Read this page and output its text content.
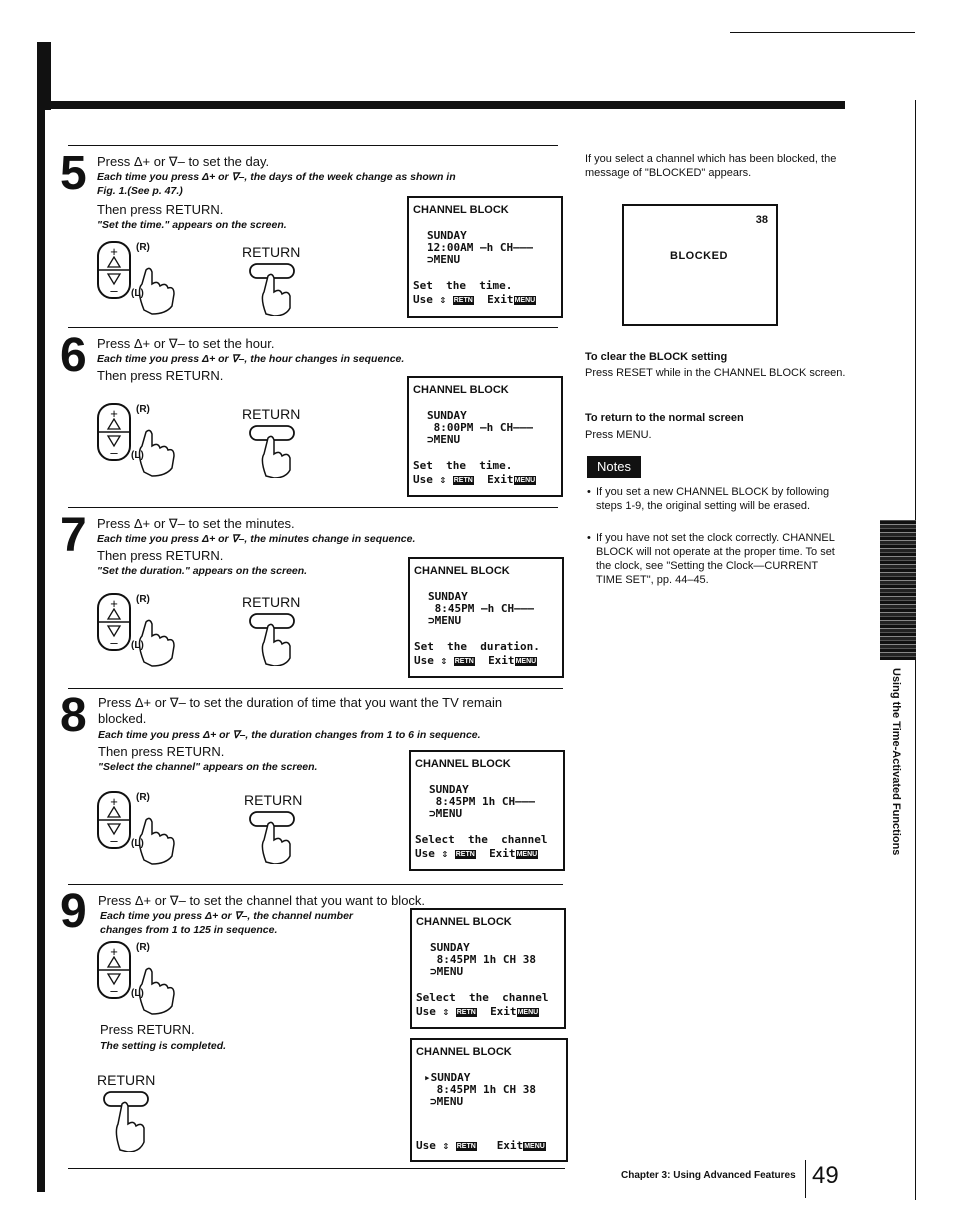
5 Press Δ+ or ∇– to set the day.
Each time you press Δ+ or ∇–, the days of the week change as shown in
Fig. 1.(See p. 47.)
Then press RETURN.
"Set the time." appears on the screen.
CHANNEL BLOCK
SUNDAY
12:00AM –h CH–––
⊃MENU
Set  the  time.
Use ⇕ RETN ExitMENU
+
–
(R)
(L)
RETURN
6 Press Δ+ or ∇– to set the hour.
Each time you press Δ+ or ∇–, the hour changes in sequence.
Then press RETURN.
CHANNEL BLOCK
SUNDAY
8:00PM –h CH–––
⊃MENU
Set  the  time.
Use ⇕ RETN ExitMENU
+
–
(R)
(L)
RETURN
7 Press Δ+ or ∇– to set the minutes.
Each time you press Δ+ or ∇–, the minutes change in sequence.
Then press RETURN.
"Set the duration." appears on the screen.	CHANNEL BLOCK
SUNDAY
8:45PM –h CH–––
⊃MENU
Set  the  duration.
Use ⇕ RETN ExitMENU
+
–
(R)
(L)
RETURN
8 Press Δ+ or ∇– to set the duration of time that you want the TV remain
blocked.
Each time you press Δ+ or ∇–, the duration changes from 1 to 6 in sequence.
Then press RETURN.
"Select the channel" appears on the screen.	CHANNEL BLOCK
SUNDAY
8:45PM 1h CH–––
⊃MENU
Select  the  channel
Use ⇕ RETN ExitMENU
+
–
(R)
(L)
RETURN
9 Press Δ+ or ∇– to set the channel that you want to block.
Each time you press Δ+ or ∇–, the channel number
changes from 1 to 125 in sequence.
+
–
(R)
(L)
Press RETURN.
The setting is completed.
RETURN
CHANNEL BLOCK
SUNDAY
8:45PM 1h CH 38
⊃MENU
Select  the  channel
Use ⇕ RETN ExitMENU
CHANNEL BLOCK
▸SUNDAY
8:45PM 1h CH 38
⊃MENU
Use ⇕ RETN ExitMENU
If you select a channel which has been blocked, the message of "BLOCKED" appears.
38
BLOCKED
To clear the BLOCK setting
Press RESET while in the CHANNEL BLOCK screen.
To return to the normal screen
Press MENU.
Notes
• If you set a new CHANNEL BLOCK by following steps 1-9, the original setting will be erased.
• If you have not set the clock correctly. CHANNEL BLOCK will not operate at the proper time. To set the clock, see "Setting the Clock—CURRENT TIME SET", pp. 44–45.
Using the Time-Activated Functions
Chapter 3: Using Advanced Features 49
